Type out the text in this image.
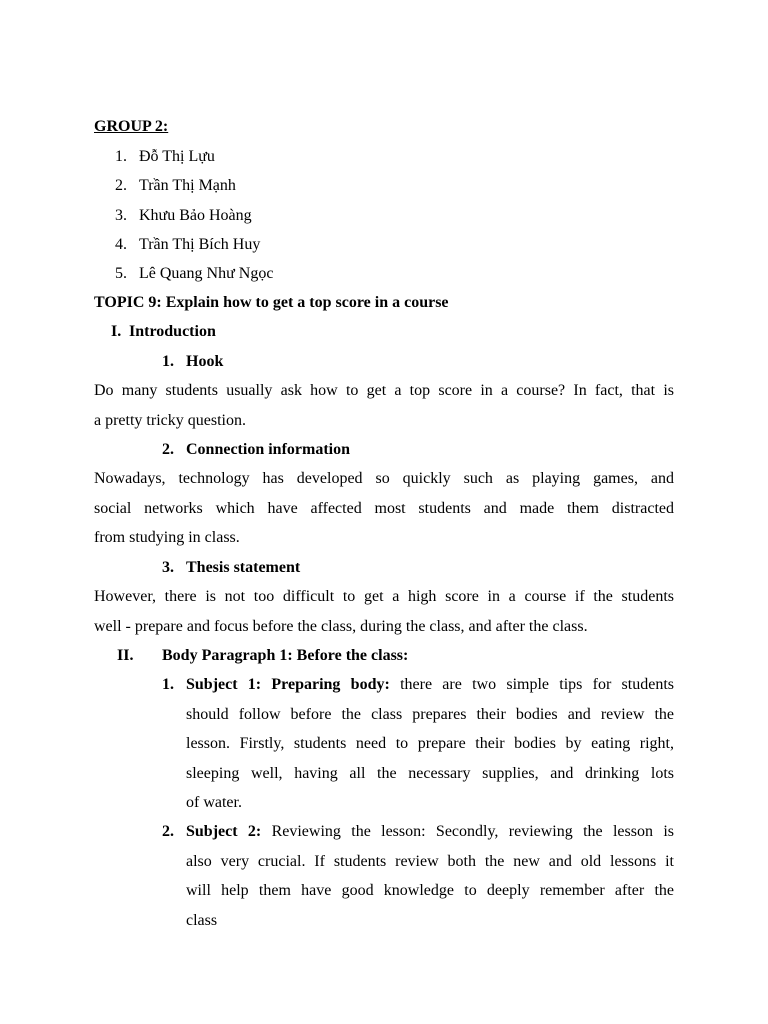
GROUP 2:
1. Đỗ Thị Lựu
2. Trần Thị Mạnh
3. Khưu Bảo Hoàng
4. Trần Thị Bích Huy
5. Lê Quang Như Ngọc
TOPIC 9: Explain how to get a top score in a course
I. Introduction
1. Hook
Do many students usually ask how to get a top score in a course? In fact, that is
a pretty tricky question.
2. Connection information
Nowadays, technology has developed so quickly such as playing games, and
social networks which have affected most students and made them distracted
from studying in class.
3. Thesis statement
However, there is not too difficult to get a high score in a course if the students
well - prepare and focus before the class, during the class, and after the class.
II. Body Paragraph 1: Before the class:
1. Subject 1: Preparing body: there are two simple tips for students
should follow before the class prepares their bodies and review the
lesson. Firstly, students need to prepare their bodies by eating right,
sleeping well, having all the necessary supplies, and drinking lots
of water.
2. Subject 2: Reviewing the lesson: Secondly, reviewing the lesson is
also very crucial. If students review both the new and old lessons it
will help them have good knowledge to deeply remember after the
class
